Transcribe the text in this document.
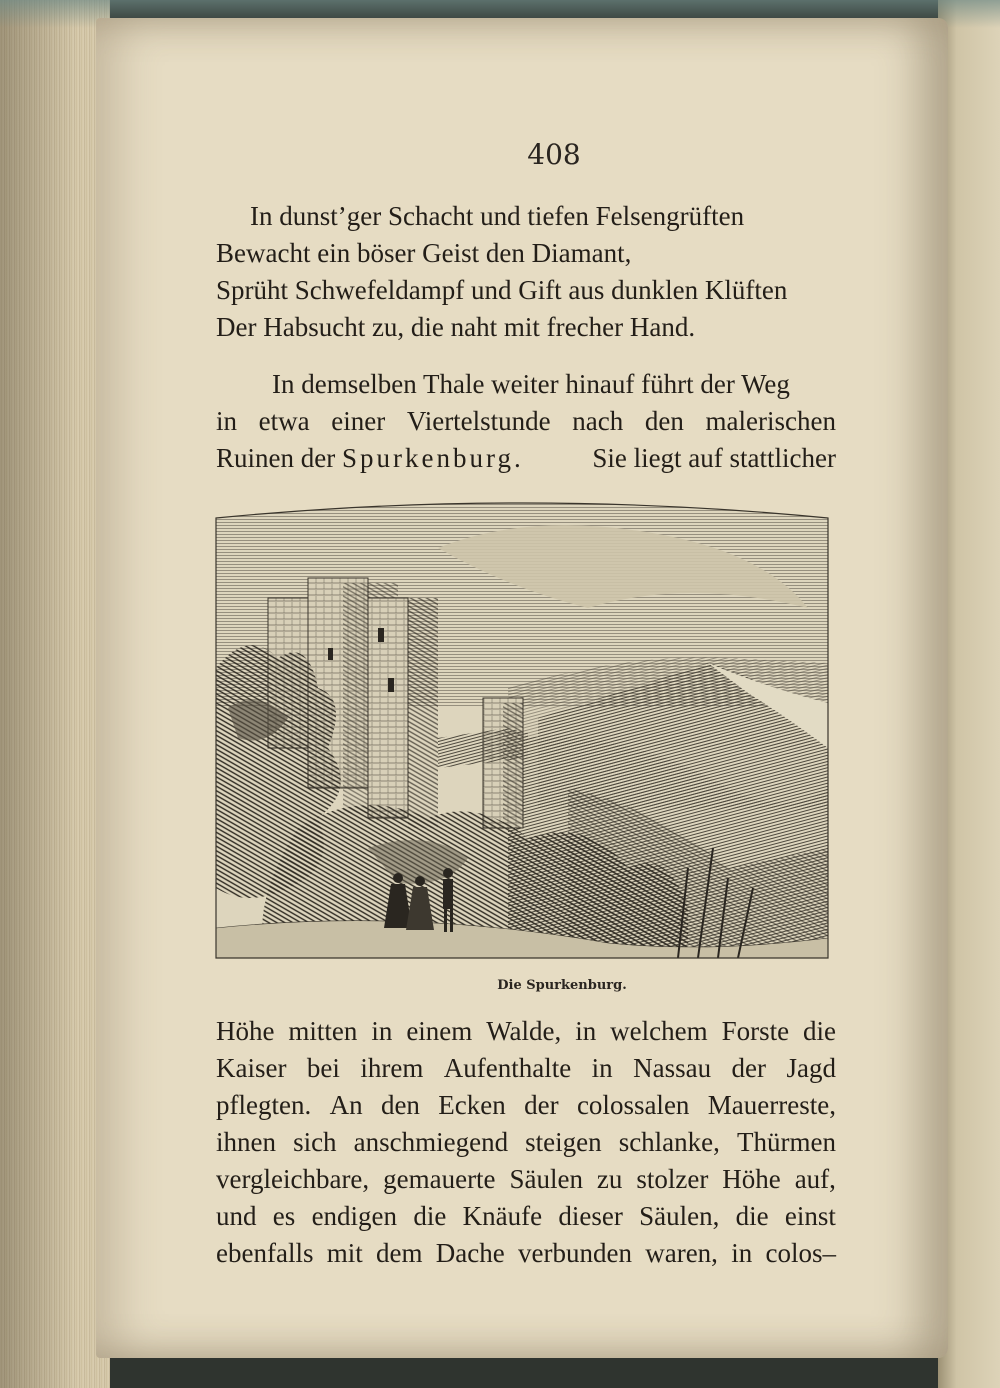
408
In dunst’ger Schacht und tiefen Felsengrüften
Bewacht ein böser Geist den Diamant,
Sprüht Schwefeldampf und Gift aus dunklen Klüften
Der Habsucht zu, die naht mit frecher Hand.
In demselben Thale weiter hinauf führt der Weg
in etwa einer Viertelstunde nach den malerischen
Ruinen der Spurkenburg.	Sie liegt auf stattlicher
Die Spurkenburg.
Höhe mitten in einem Walde, in welchem Forste die
Kaiser bei ihrem Aufenthalte in Nassau der Jagd
pflegten. An den Ecken der colossalen Mauerreste,
ihnen sich anschmiegend steigen schlanke, Thürmen
vergleichbare, gemauerte Säulen zu stolzer Höhe auf,
und es endigen die Knäufe dieser Säulen, die einst
ebenfalls mit dem Dache verbunden waren, in colos–
